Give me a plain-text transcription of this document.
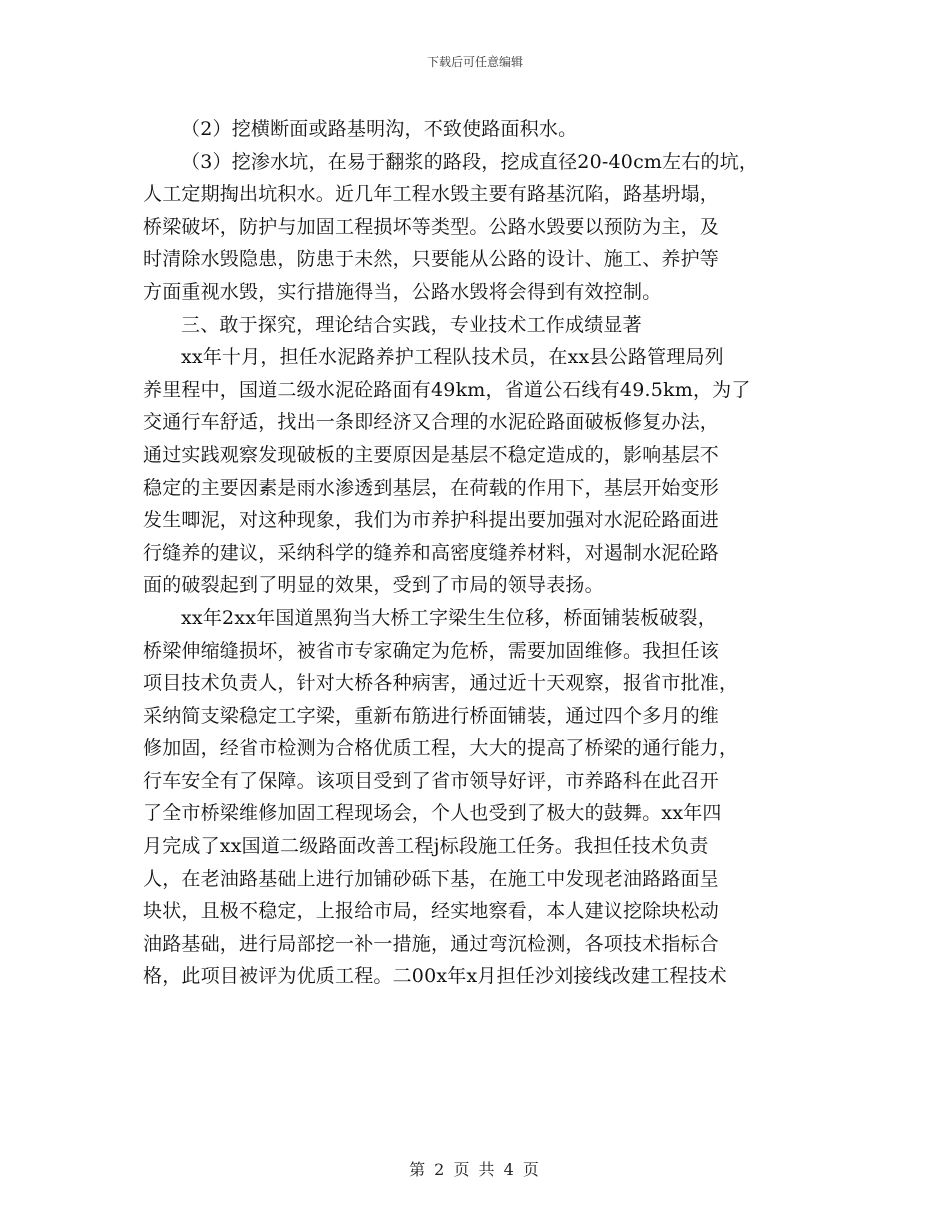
下载后可任意编辑
（2）挖横断面或路基明沟，不致使路面积水。
（3）挖渗水坑，在易于翻浆的路段，挖成直径20-40cm左右的坑，
人工定期掏出坑积水。近几年工程水毁主要有路基沉陷，路基坍塌，
桥梁破坏，防护与加固工程损坏等类型。公路水毁要以预防为主，及
时清除水毁隐患，防患于未然，只要能从公路的设计、施工、养护等
方面重视水毁，实行措施得当，公路水毁将会得到有效控制。
三、敢于探究，理论结合实践，专业技术工作成绩显著
xx年十月，担任水泥路养护工程队技术员，在xx县公路管理局列
养里程中，国道二级水泥砼路面有49km，省道公石线有49.5km，为了
交通行车舒适，找出一条即经济又合理的水泥砼路面破板修复办法，
通过实践观察发现破板的主要原因是基层不稳定造成的，影响基层不
稳定的主要因素是雨水渗透到基层，在荷载的作用下，基层开始变形
发生唧泥，对这种现象，我们为市养护科提出要加强对水泥砼路面进
行缝养的建议，采纳科学的缝养和高密度缝养材料，对遏制水泥砼路
面的破裂起到了明显的效果，受到了市局的领导表扬。
xx年2xx年国道黑狗当大桥工字梁生生位移，桥面铺装板破裂，
桥梁伸缩缝损坏，被省市专家确定为危桥，需要加固维修。我担任该
项目技术负责人，针对大桥各种病害，通过近十天观察，报省市批准，
采纳简支梁稳定工字梁，重新布筋进行桥面铺装，通过四个多月的维
修加固，经省市检测为合格优质工程，大大的提高了桥梁的通行能力，
行车安全有了保障。该项目受到了省市领导好评，市养路科在此召开
了全市桥梁维修加固工程现场会，个人也受到了极大的鼓舞。xx年四
月完成了xx国道二级路面改善工程j标段施工任务。我担任技术负责
人，在老油路基础上进行加铺砂砾下基，在施工中发现老油路路面呈
块状，且极不稳定，上报给市局，经实地察看，本人建议挖除块松动
油路基础，进行局部挖一补一措施，通过弯沉检测，各项技术指标合
格，此项目被评为优质工程。二00x年x月担任沙刘接线改建工程技术
第 2 页 共 4 页
